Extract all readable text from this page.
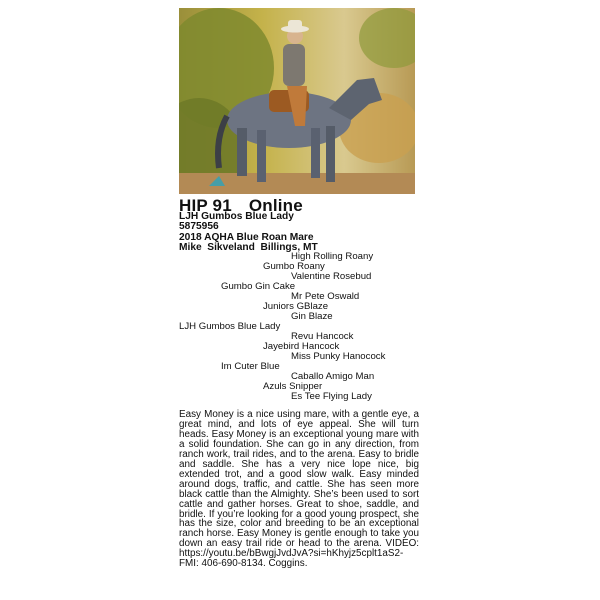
HIP 91 Online
LJH Gumbos Blue Lady
5875956
2018 AQHA Blue Roan Mare
Mike  Sikveland  Billings, MT
High Rolling Roany
Gumbo Roany
Valentine Rosebud
Gumbo Gin Cake
Mr Pete Oswald
Juniors GBlaze
Gin Blaze
LJH Gumbos Blue Lady
Revu Hancock
Jayebird Hancock
Miss Punky Hanocock
Im Cuter Blue
Caballo Amigo Man
Azuls Snipper
Es Tee Flying Lady
Easy Money is a nice using mare, with a gentle eye, a great mind, and lots of eye appeal. She will turn heads. Easy Money is an exceptional young mare with a solid foundation. She can go in any direction, from ranch work, trail rides, and to the arena. Easy to bridle and saddle. She has a very nice lope nice, big extended trot, and a good slow walk. Easy minded around dogs, traffic, and cattle. She has seen more black cattle than the Almighty. She’s been used to sort cattle and gather horses. Great to shoe, saddle, and bridle. If you’re looking for a good young prospect, she has the size, color and breeding to be an exceptional ranch horse. Easy Money is gentle enough to take you down an easy trail ride or head to the arena. VIDEO: https://youtu.be/bBwgjJvdJvA?si=hKhyjz5cplt1aS2- FMI: 406-690-8134. Coggins.
